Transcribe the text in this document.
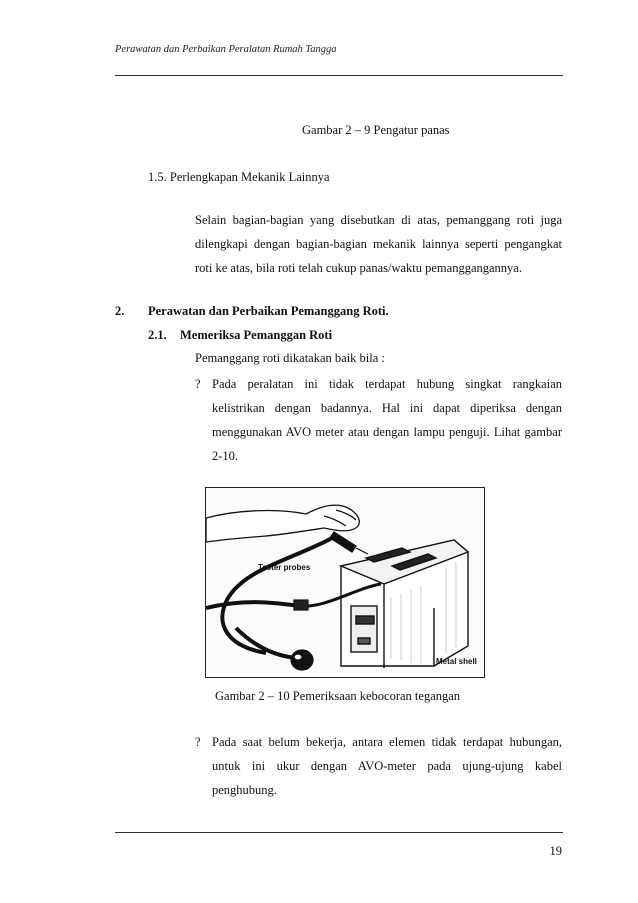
Perawatan dan Perbaikan Peralatan Rumah Tangga
Gambar 2 – 9 Pengatur panas
1.5. Perlengkapan Mekanik Lainnya
Selain bagian-bagian yang disebutkan di atas, pemanggang roti juga
dilengkapi dengan bagian-bagian mekanik lainnya seperti pengangkat
roti ke atas, bila roti telah cukup panas/waktu pemanggangannya.
2. Perawatan dan Perbaikan Pemanggang Roti.
2.1. Memeriksa Pemanggan Roti
Pemanggang roti dikatakan baik bila :
? Pada peralatan ini tidak terdapat hubung singkat rangkaian
kelistrikan dengan badannya. Hal ini dapat diperiksa dengan
menggunakan AVO meter atau dengan lampu penguji. Lihat gambar
2-10.
Tester probes
Metal shell
Gambar 2 – 10 Pemeriksaan kebocoran tegangan
? Pada saat belum bekerja, antara elemen tidak terdapat hubungan,
untuk ini ukur dengan AVO-meter pada ujung-ujung kabel
penghubung.
19
